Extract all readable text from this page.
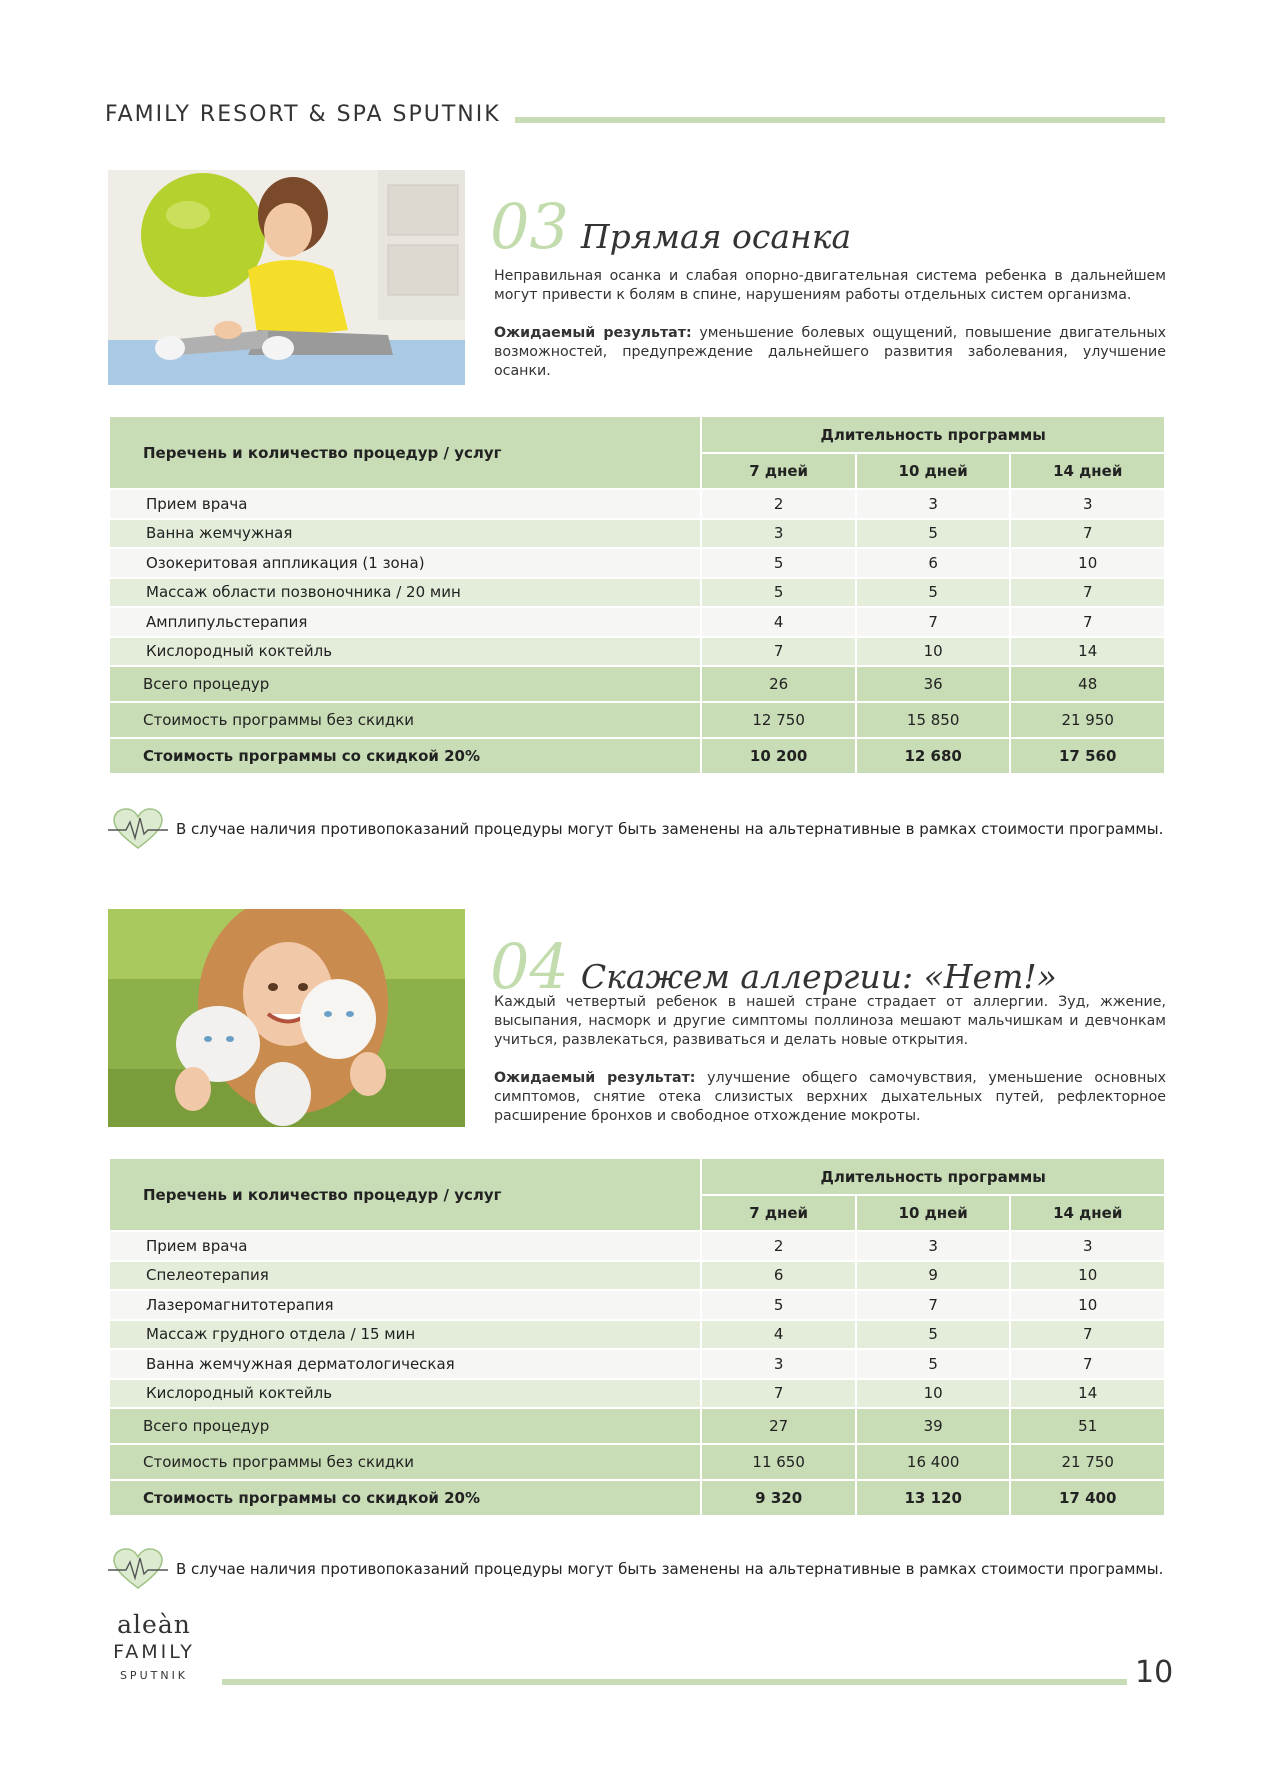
FAMILY RESORT & SPA SPUTNIK
03 Прямая осанка

Неправильная осанка и слабая опорно-двигательная система ребенка в дальнейшем могут привести к болям в спине, нарушениям работы отдельных систем организма.

Ожидаемый результат: уменьшение болевых ощущений, повышение двигательных возможностей, предупреждение дальнейшего развития заболевания, улучшение осанки.

Перечень и количество процедур / услуг	Длительность программы		
	7 дней	10 дней	14 дней
Прием врача	2	3	3
Ванна жемчужная	3	5	7
Озокеритовая аппликация (1 зона)	5	6	10
Массаж области позвоночника / 20 мин	5	5	7
Амплипульстерапия	4	7	7
Кислородный коктейль	7	10	14
Всего процедур	26	36	48
Стоимость программы без скидки	12 750	15 850	21 950
Стоимость программы со скидкой 20%	10 200	12 680	17 560
В случае наличия противопоказаний процедуры могут быть заменены на альтернативные в рамках стоимости программы.
04 Скажем аллергии: «Нет!»

Каждый четвертый ребенок в нашей стране страдает от аллергии. Зуд, жжение, высыпания, насморк и другие симптомы поллиноза мешают мальчишкам и девчонкам учиться, развлекаться, развиваться и делать новые открытия.

Ожидаемый результат: улучшение общего самочувствия, уменьшение основных симптомов, снятие отека слизистых верхних дыхательных путей, рефлекторное расширение бронхов и свободное отхождение мокроты.

Перечень и количество процедур / услуг	Длительность программы		
	7 дней	10 дней	14 дней
Прием врача	2	3	3
Спелеотерапия	6	9	10
Лазеромагнитотерапия	5	7	10
Массаж грудного отдела / 15 мин	4	5	7
Ванна жемчужная дерматологическая	3	5	7
Кислородный коктейль	7	10	14
Всего процедур	27	39	51
Стоимость программы без скидки	11 650	16 400	21 750
Стоимость программы со скидкой 20%	9 320	13 120	17 400
В случае наличия противопоказаний процедуры могут быть заменены на альтернативные в рамках стоимости программы.
aleàn
FAMILY
SPUTNIK	10
